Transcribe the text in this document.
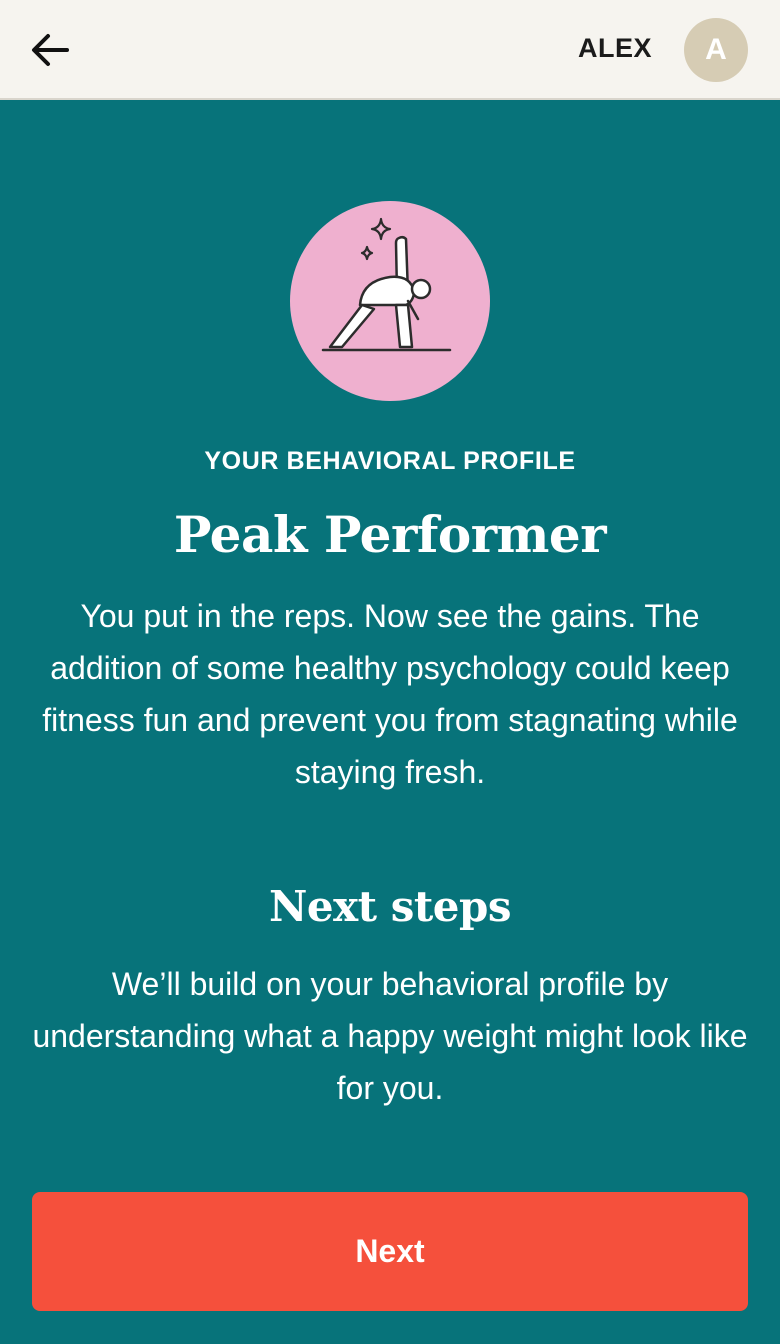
ALEX	A
YOUR BEHAVIORAL PROFILE
Peak Performer
You put in the reps. Now see the gains. The addition of some healthy psychology could keep fitness fun and prevent you from stagnating while staying fresh.
Next steps
We’ll build on your behavioral profile by understanding what a happy weight might look like for you.
Next
